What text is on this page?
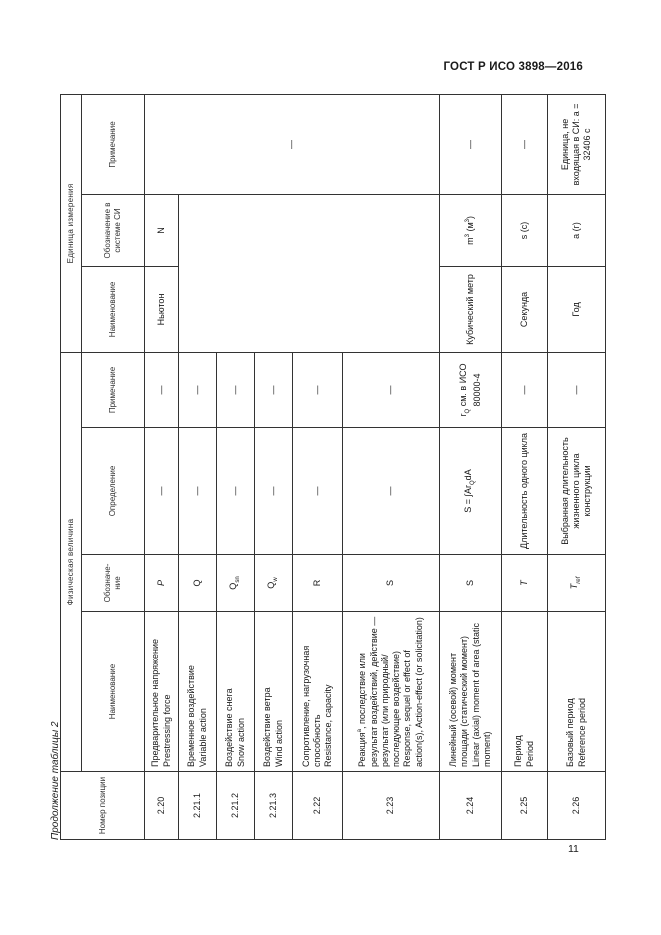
ГОСТ Р ИСО 3898—2016
Продолжение таблицы 2	Номер позиции	Физическая величина				Единица измерения		
	Наименование	Обозначе-ние	Определение	Примечание	Наименование	Обозначение в системе СИ	Примечание
2.20	Предварительное напряжение
Prestressing force	P	—	—	Ньютон	N	—
2.21.1	Временное воздействие
Variable action	Q	—	—			
2.21.2	Воздействие снега
Snow action	$Q_{sn}$	—	—			
2.21.3	Воздействие ветра
Wind action	$Q_w$	—	—			
2.22	Сопротивление, нагрузочная способность
Resistance, capacity	R	—	—			
2.23	Реакция$^a$, последствие или результат воздействий, действие — результат (или природный/последующее воздействие)
Response, sequel or effect of action(s), Action-effect (or solicitation)	S	—	—			
2.24	Линейный (осевой) момент площади (статический момент)
Linear (axial) moment of area (static moment)	S	$S = \int Ar_QdA$	$r_Q$ см. в ИСО 80000-4	Кубический метр	$m^3$ $(м^3)$	—
2.25	Период
Period	T	Длительность одного цикла	—	Секунда	s (с)	—
2.26	Базовый период
Reference period	$T_{ref}$	Выбранная длительность жизненного цикла конструкции	—	Год	a (г)	Единица, не входящая в СИ: a = 32406 с
11
